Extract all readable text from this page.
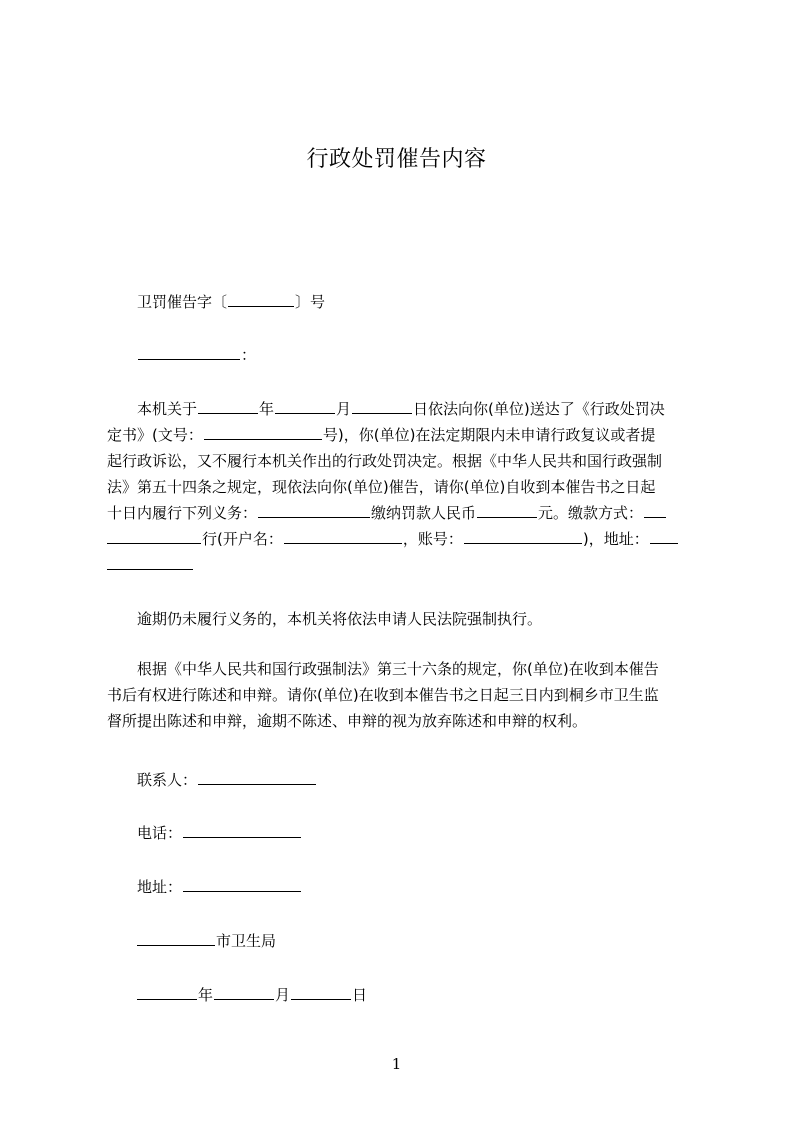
行政处罚催告内容
卫罚催告字〔	〕号
：
本机关于	年	月	日依法向你(单位)送达了《行政处罚决
定书》(文号：	号)，你(单位)在法定期限内未申请行政复议或者提
起行政诉讼，又不履行本机关作出的行政处罚决定。根据《中华人民共和国行政强制
法》第五十四条之规定，现依法向你(单位)催告，请你(单位)自收到本催告书之日起
十日内履行下列义务：	缴纳罚款人民币	元。缴款方式：
行(开户名：	，账号：	)，地址：
逾期仍未履行义务的，本机关将依法申请人民法院强制执行。
根据《中华人民共和国行政强制法》第三十六条的规定，你(单位)在收到本催告
书后有权进行陈述和申辩。请你(单位)在收到本催告书之日起三日内到桐乡市卫生监
督所提出陈述和申辩，逾期不陈述、申辩的视为放弃陈述和申辩的权利。
联系人：
电话：
地址：
市卫生局
年	月	日
1
